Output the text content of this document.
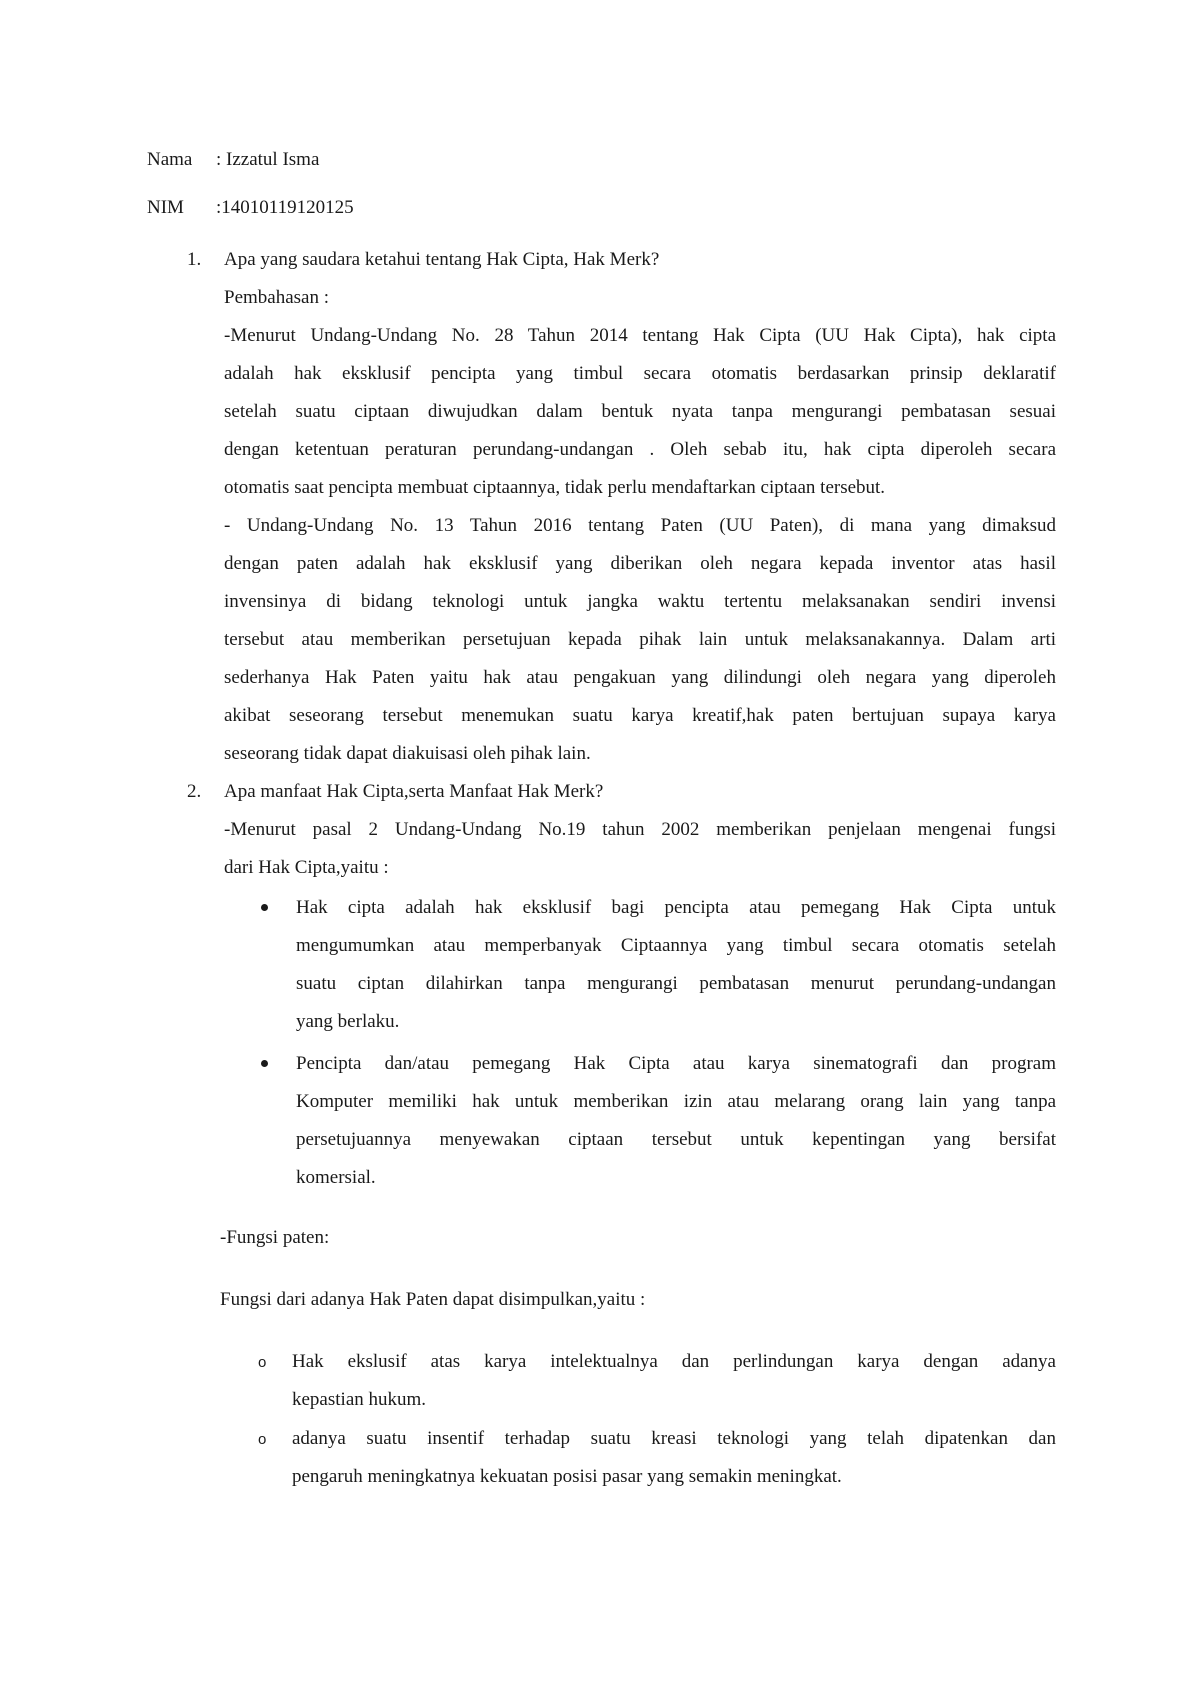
Nama : Izzatul Isma
NIM :14010119120125
1. Apa yang saudara ketahui tentang Hak Cipta, Hak Merk?
Pembahasan :
-Menurut Undang-Undang No. 28 Tahun 2014 tentang Hak Cipta (UU Hak Cipta), hak cipta
adalah hak eksklusif pencipta yang timbul secara otomatis berdasarkan prinsip deklaratif
setelah suatu ciptaan diwujudkan dalam bentuk nyata tanpa mengurangi pembatasan sesuai
dengan ketentuan peraturan perundang-undangan . Oleh sebab itu, hak cipta diperoleh secara
otomatis saat pencipta membuat ciptaannya, tidak perlu mendaftarkan ciptaan tersebut.
- Undang-Undang No. 13 Tahun 2016 tentang Paten (UU Paten), di mana yang dimaksud
dengan paten adalah hak eksklusif yang diberikan oleh negara kepada inventor atas hasil
invensinya di bidang teknologi untuk jangka waktu tertentu melaksanakan sendiri invensi
tersebut atau memberikan persetujuan kepada pihak lain untuk melaksanakannya. Dalam arti
sederhanya Hak Paten yaitu hak atau pengakuan yang dilindungi oleh negara yang diperoleh
akibat seseorang tersebut menemukan suatu karya kreatif,hak paten bertujuan supaya karya
seseorang tidak dapat diakuisasi oleh pihak lain.
2. Apa manfaat Hak Cipta,serta Manfaat Hak Merk?
-Menurut pasal 2 Undang-Undang No.19 tahun 2002 memberikan penjelaan mengenai fungsi
dari Hak Cipta,yaitu :
Hak cipta adalah hak eksklusif bagi pencipta atau pemegang Hak Cipta untuk
mengumumkan atau memperbanyak Ciptaannya yang timbul secara otomatis setelah
suatu ciptan dilahirkan tanpa mengurangi pembatasan menurut perundang-undangan
yang berlaku.
Pencipta dan/atau pemegang Hak Cipta atau karya sinematografi dan program
Komputer memiliki hak untuk memberikan izin atau melarang orang lain yang tanpa
persetujuannya menyewakan ciptaan tersebut untuk kepentingan yang bersifat
komersial.
-Fungsi paten:
Fungsi dari adanya Hak Paten dapat disimpulkan,yaitu :
o Hak ekslusif atas karya intelektualnya dan perlindungan karya dengan adanya
kepastian hukum.
o adanya suatu insentif terhadap suatu kreasi teknologi yang telah dipatenkan dan
pengaruh meningkatnya kekuatan posisi pasar yang semakin meningkat.
